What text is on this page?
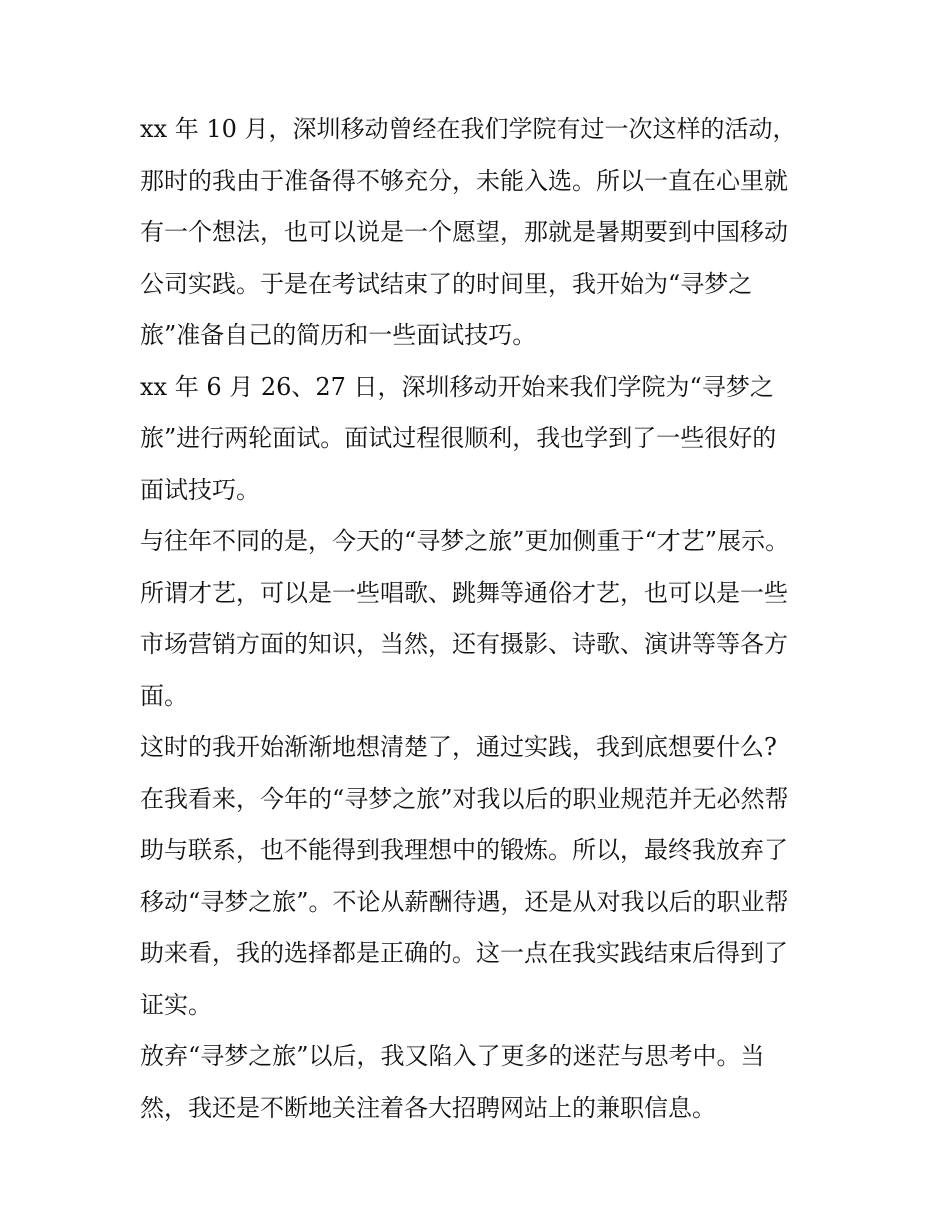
xx 年 10 月，深圳移动曾经在我们学院有过一次这样的活动，
那时的我由于准备得不够充分，未能入选。所以一直在心里就
有一个想法，也可以说是一个愿望，那就是暑期要到中国移动
公司实践。于是在考试结束了的时间里，我开始为“寻梦之
旅”准备自己的简历和一些面试技巧。
xx 年 6 月 26、27 日，深圳移动开始来我们学院为“寻梦之
旅”进行两轮面试。面试过程很顺利，我也学到了一些很好的
面试技巧。
与往年不同的是，今天的“寻梦之旅”更加侧重于“才艺”展示。
所谓才艺，可以是一些唱歌、跳舞等通俗才艺，也可以是一些
市场营销方面的知识，当然，还有摄影、诗歌、演讲等等各方
面。
这时的我开始渐渐地想清楚了，通过实践，我到底想要什么?
在我看来，今年的“寻梦之旅”对我以后的职业规范并无必然帮
助与联系，也不能得到我理想中的锻炼。所以，最终我放弃了
移动“寻梦之旅”。不论从薪酬待遇，还是从对我以后的职业帮
助来看，我的选择都是正确的。这一点在我实践结束后得到了
证实。
放弃“寻梦之旅”以后，我又陷入了更多的迷茫与思考中。当
然，我还是不断地关注着各大招聘网站上的兼职信息。
